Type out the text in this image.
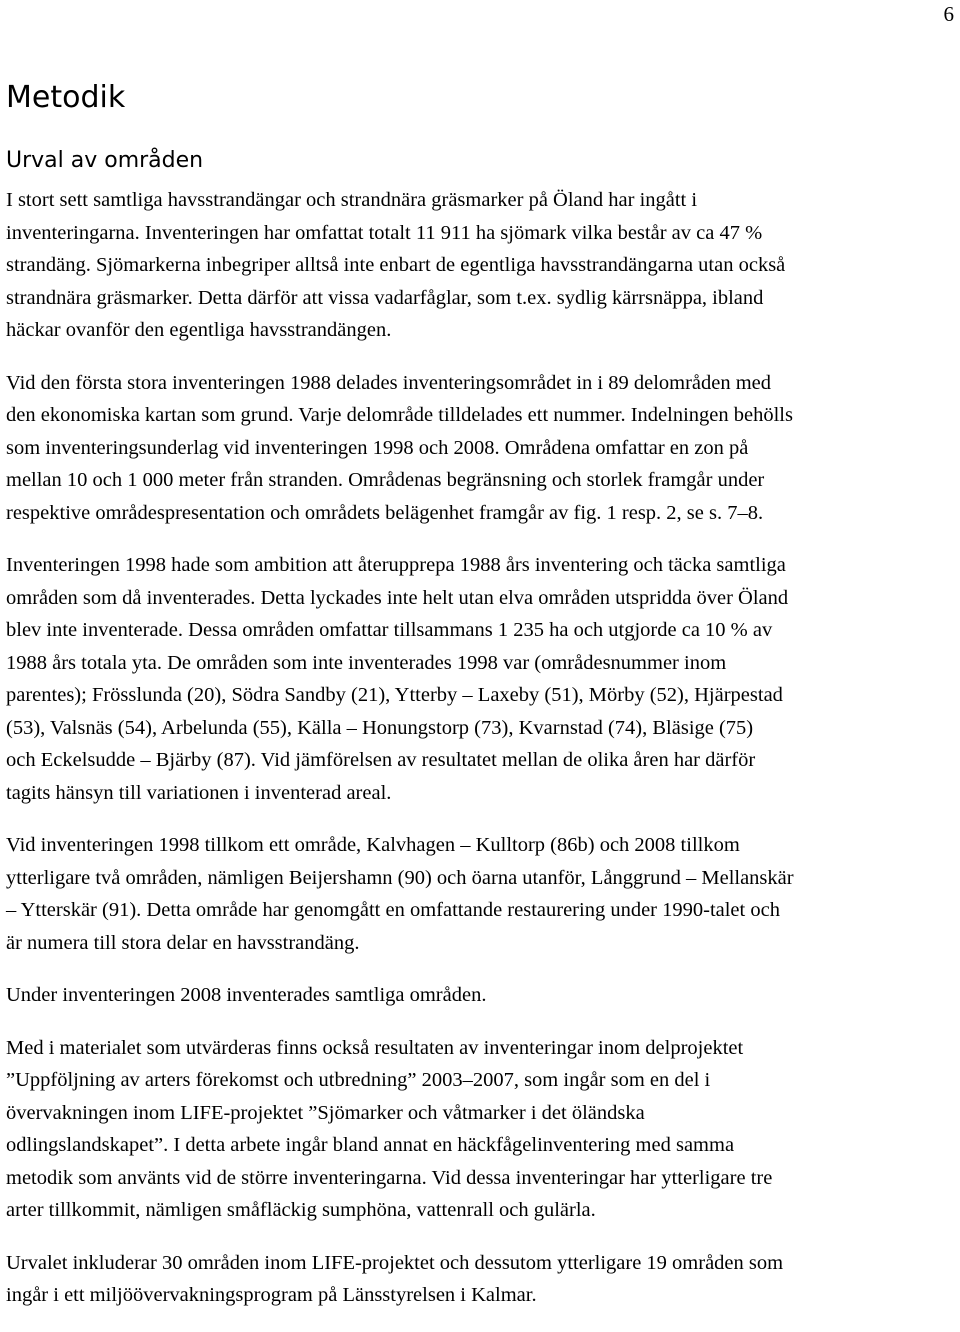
6
Metodik
Urval av områden

I stort sett samtliga havsstrandängar och strandnära gräsmarker på Öland har ingått i
inventeringarna. Inventeringen har omfattat totalt 11 911 ha sjömark vilka består av ca 47 %
strandäng. Sjömarkerna inbegriper alltså inte enbart de egentliga havsstrandängarna utan också
strandnära gräsmarker. Detta därför att vissa vadarfåglar, som t.ex. sydlig kärrsnäppa, ibland
häckar ovanför den egentliga havsstrandängen.

Vid den första stora inventeringen 1988 delades inventeringsområdet in i 89 delområden med
den ekonomiska kartan som grund. Varje delområde tilldelades ett nummer. Indelningen behölls
som inventeringsunderlag vid inventeringen 1998 och 2008. Områdena omfattar en zon på
mellan 10 och 1 000 meter från stranden. Områdenas begränsning och storlek framgår under
respektive områdespresentation och områdets belägenhet framgår av fig. 1 resp. 2, se s. 7–8.

Inventeringen 1998 hade som ambition att återupprepa 1988 års inventering och täcka samtliga
områden som då inventerades. Detta lyckades inte helt utan elva områden utspridda över Öland
blev inte inventerade. Dessa områden omfattar tillsammans 1 235 ha och utgjorde ca 10 % av
1988 års totala yta. De områden som inte inventerades 1998 var (områdesnummer inom
parentes); Frösslunda (20), Södra Sandby (21), Ytterby – Laxeby (51), Mörby (52), Hjärpestad
(53), Valsnäs (54), Arbelunda (55), Källa – Honungstorp (73), Kvarnstad (74), Bläsige (75)
och Eckelsudde – Bjärby (87). Vid jämförelsen av resultatet mellan de olika åren har därför
tagits hänsyn till variationen i inventerad areal.

Vid inventeringen 1998 tillkom ett område, Kalvhagen – Kulltorp (86b) och 2008 tillkom
ytterligare två områden, nämligen Beijershamn (90) och öarna utanför, Långgrund – Mellanskär
– Ytterskär (91). Detta område har genomgått en omfattande restaurering under 1990-talet och
är numera till stora delar en havsstrandäng.

Under inventeringen 2008 inventerades samtliga områden.

Med i materialet som utvärderas finns också resultaten av inventeringar inom delprojektet
”Uppföljning av arters förekomst och utbredning” 2003–2007, som ingår som en del i
övervakningen inom LIFE-projektet ”Sjömarker och våtmarker i det öländska
odlingslandskapet”. I detta arbete ingår bland annat en häckfågelinventering med samma
metodik som använts vid de större inventeringarna. Vid dessa inventeringar har ytterligare tre
arter tillkommit, nämligen småfläckig sumphöna, vattenrall och gulärla.

Urvalet inkluderar 30 områden inom LIFE-projektet och dessutom ytterligare 19 områden som
ingår i ett miljöövervakningsprogram på Länsstyrelsen i Kalmar.
